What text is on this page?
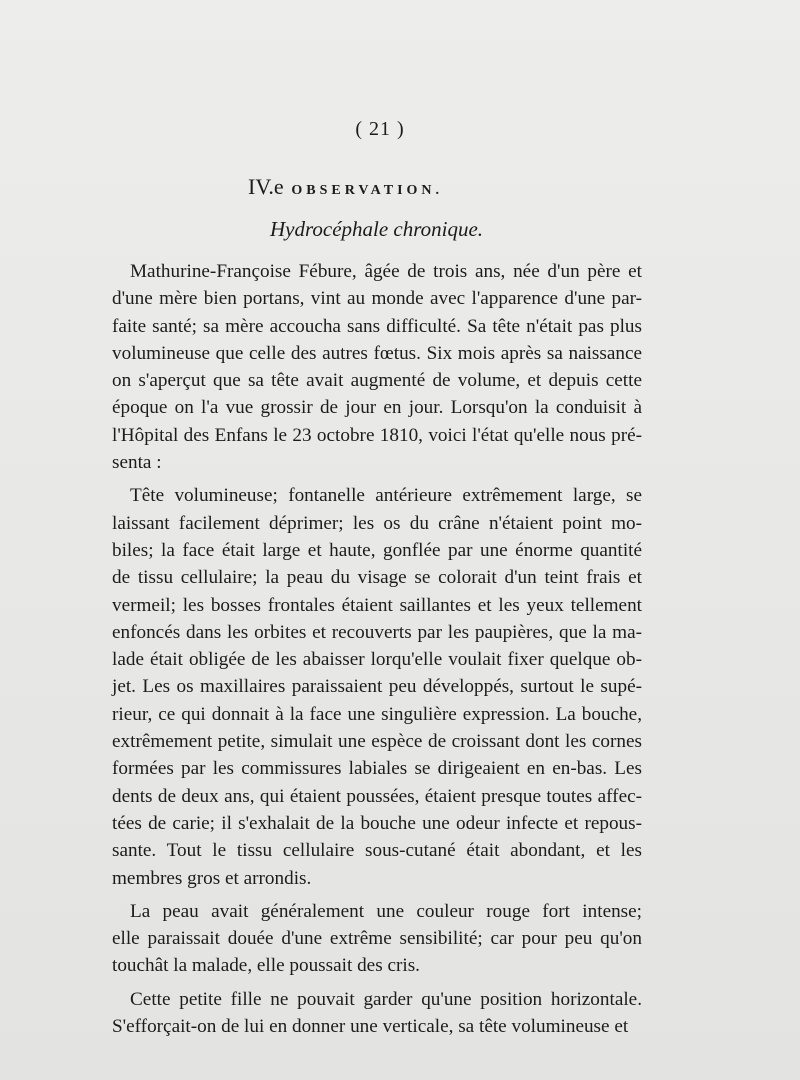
( 21 )
IV.e OBSERVATION.
Hydrocéphale chronique.

Mathurine-Françoise Fébure, âgée de trois ans, née d'un père et
d'une mère bien portans, vint au monde avec l'apparence d'une par-
faite santé; sa mère accoucha sans difficulté. Sa tête n'était pas plus
volumineuse que celle des autres fœtus. Six mois après sa naissance
on s'aperçut que sa tête avait augmenté de volume, et depuis cette
époque on l'a vue grossir de jour en jour. Lorsqu'on la conduisit à
l'Hôpital des Enfans le 23 octobre 1810, voici l'état qu'elle nous pré-
senta :

Tête volumineuse; fontanelle antérieure extrêmement large, se
laissant facilement déprimer; les os du crâne n'étaient point mo-
biles; la face était large et haute, gonflée par une énorme quantité
de tissu cellulaire; la peau du visage se colorait d'un teint frais et
vermeil; les bosses frontales étaient saillantes et les yeux tellement
enfoncés dans les orbites et recouverts par les paupières, que la ma-
lade était obligée de les abaisser lorqu'elle voulait fixer quelque ob-
jet. Les os maxillaires paraissaient peu développés, surtout le supé-
rieur, ce qui donnait à la face une singulière expression. La bouche,
extrêmement petite, simulait une espèce de croissant dont les cornes
formées par les commissures labiales se dirigeaient en en-bas. Les
dents de deux ans, qui étaient poussées, étaient presque toutes affec-
tées de carie; il s'exhalait de la bouche une odeur infecte et repous-
sante. Tout le tissu cellulaire sous-cutané était abondant, et les
membres gros et arrondis.

La peau avait généralement une couleur rouge fort intense;
elle paraissait douée d'une extrême sensibilité; car pour peu qu'on
touchât la malade, elle poussait des cris.

Cette petite fille ne pouvait garder qu'une position horizontale.
S'efforçait-on de lui en donner une verticale, sa tête volumineuse et
